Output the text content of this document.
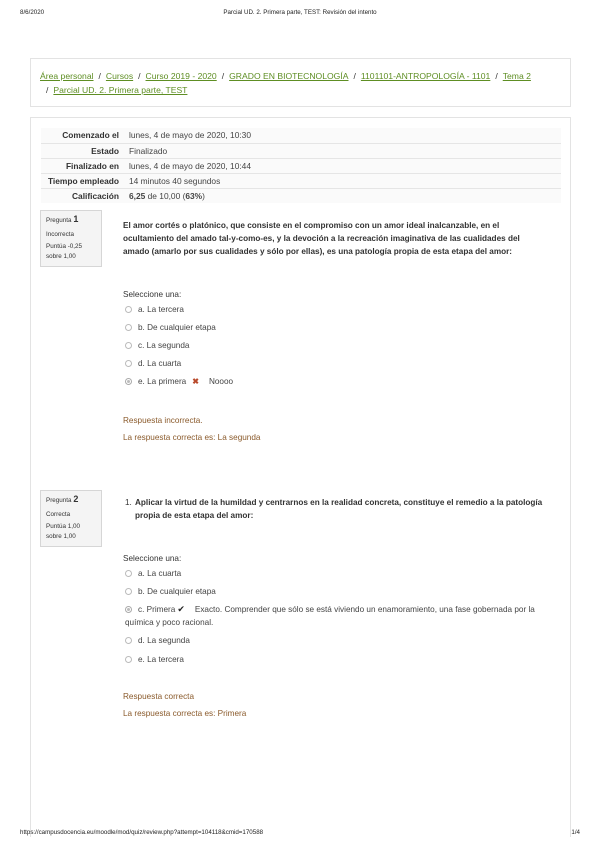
8/6/2020	Parcial UD. 2. Primera parte, TEST: Revisión del intento
Área personal / Cursos / Curso 2019 - 2020 / GRADO EN BIOTECNOLOGÍA / 1101101-ANTROPOLOGÍA - 1101 / Tema 2
/ Parcial UD. 2. Primera parte, TEST
Comenzado el	lunes, 4 de mayo de 2020, 10:30
Estado	Finalizado
Finalizado en	lunes, 4 de mayo de 2020, 10:44
Tiempo empleado	14 minutos 40 segundos
Calificación	6,25 de 10,00 (63%)
Pregunta 1
Incorrecta
Puntúa -0,25
sobre 1,00
El amor cortés o platónico, que consiste en el compromiso con un amor ideal inalcanzable, en el ocultamiento del amado tal-y-como-es, y la devoción a la recreación imaginativa de las cualidades del amado (amarlo por sus cualidades y sólo por ellas), es una patología propia de esta etapa del amor:
Seleccione una:
a. La tercera
b. De cualquier etapa
c. La segunda
d. La cuarta
e. La primera ✖ Noooo
Respuesta incorrecta.
La respuesta correcta es: La segunda
Pregunta 2
Correcta
Puntúa 1,00
sobre 1,00
1. Aplicar la virtud de la humildad y centrarnos en la realidad concreta, constituye el remedio a la patología propia de esta etapa del amor:
Seleccione una:
a. La cuarta
b. De cualquier etapa
c. Primera ✔ Exacto. Comprender que sólo se está viviendo un enamoramiento, una fase gobernada por la química y poco racional.
d. La segunda
e. La tercera
Respuesta correcta
La respuesta correcta es: Primera
https://campusdocencia.eu/moodle/mod/quiz/review.php?attempt=104118&cmid=170588	1/4
